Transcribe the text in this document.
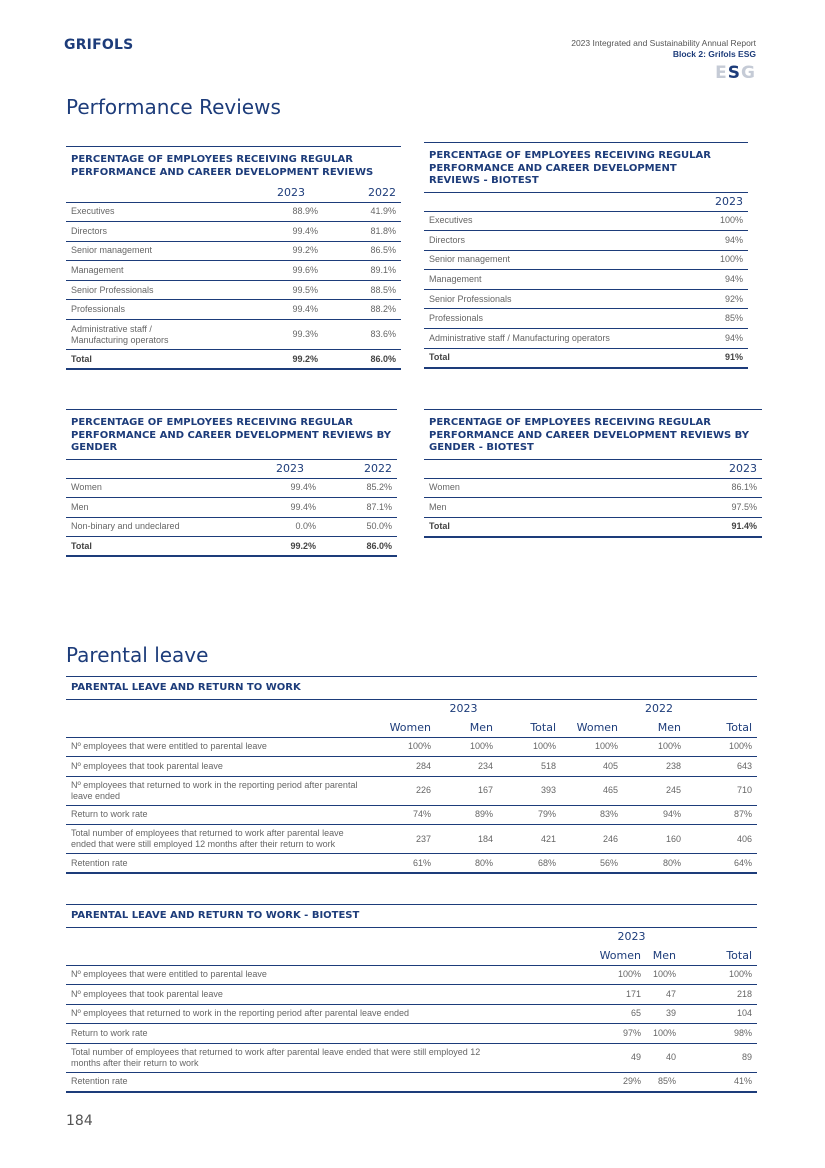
GRIFOLS	2023 Integrated and Sustainability Annual Report
Block 2: Grifols ESG
ESG
Performance Reviews
PERCENTAGE OF EMPLOYEES RECEIVING REGULAR PERFORMANCE AND CAREER DEVELOPMENT REVIEWS
	2023	2022
Executives	88.9%	41.9%
Directors	99.4%	81.8%
Senior management	99.2%	86.5%
Management	99.6%	89.1%
Senior Professionals	99.5%	88.5%
Professionals	99.4%	88.2%
Administrative staff / Manufacturing operators	99.3%	83.6%
Total	99.2%	86.0%
PERCENTAGE OF EMPLOYEES RECEIVING REGULAR PERFORMANCE AND CAREER DEVELOPMENT REVIEWS - BIOTEST
	2023
Executives	100%
Directors	94%
Senior management	100%
Management	94%
Senior Professionals	92%
Professionals	85%
Administrative staff / Manufacturing operators	94%
Total	91%
PERCENTAGE OF EMPLOYEES RECEIVING REGULAR PERFORMANCE AND CAREER DEVELOPMENT REVIEWS BY GENDER
	2023	2022
Women	99.4%	85.2%
Men	99.4%	87.1%
Non-binary and undeclared	0.0%	50.0%
Total	99.2%	86.0%
PERCENTAGE OF EMPLOYEES RECEIVING REGULAR PERFORMANCE AND CAREER DEVELOPMENT REVIEWS BY GENDER - BIOTEST
	2023
Women	86.1%
Men	97.5%
Total	91.4%
Parental leave
PARENTAL LEAVE AND RETURN TO WORK
	2023			2022		
	Women	Men	Total	Women	Men	Total
Nº employees that were entitled to parental leave	100%	100%	100%	100%	100%	100%
Nº employees that took parental leave	284	234	518	405	238	643
Nº employees that returned to work in the reporting period after parental leave ended	226	167	393	465	245	710
Return to work rate	74%	89%	79%	83%	94%	87%
Total number of employees that returned to work after parental leave ended that were still employed 12 months after their return to work	237	184	421	246	160	406
Retention rate	61%	80%	68%	56%	80%	64%
PARENTAL LEAVE AND RETURN TO WORK - BIOTEST
	2023		
	Women	Men	Total
Nº employees that were entitled to parental leave	100%	100%	100%
Nº employees that took parental leave	171	47	218
Nº employees that returned to work in the reporting period after parental leave ended	65	39	104
Return to work rate	97%	100%	98%
Total number of employees that returned to work after parental leave ended that were still employed 12 months after their return to work	49	40	89
Retention rate	29%	85%	41%
184
